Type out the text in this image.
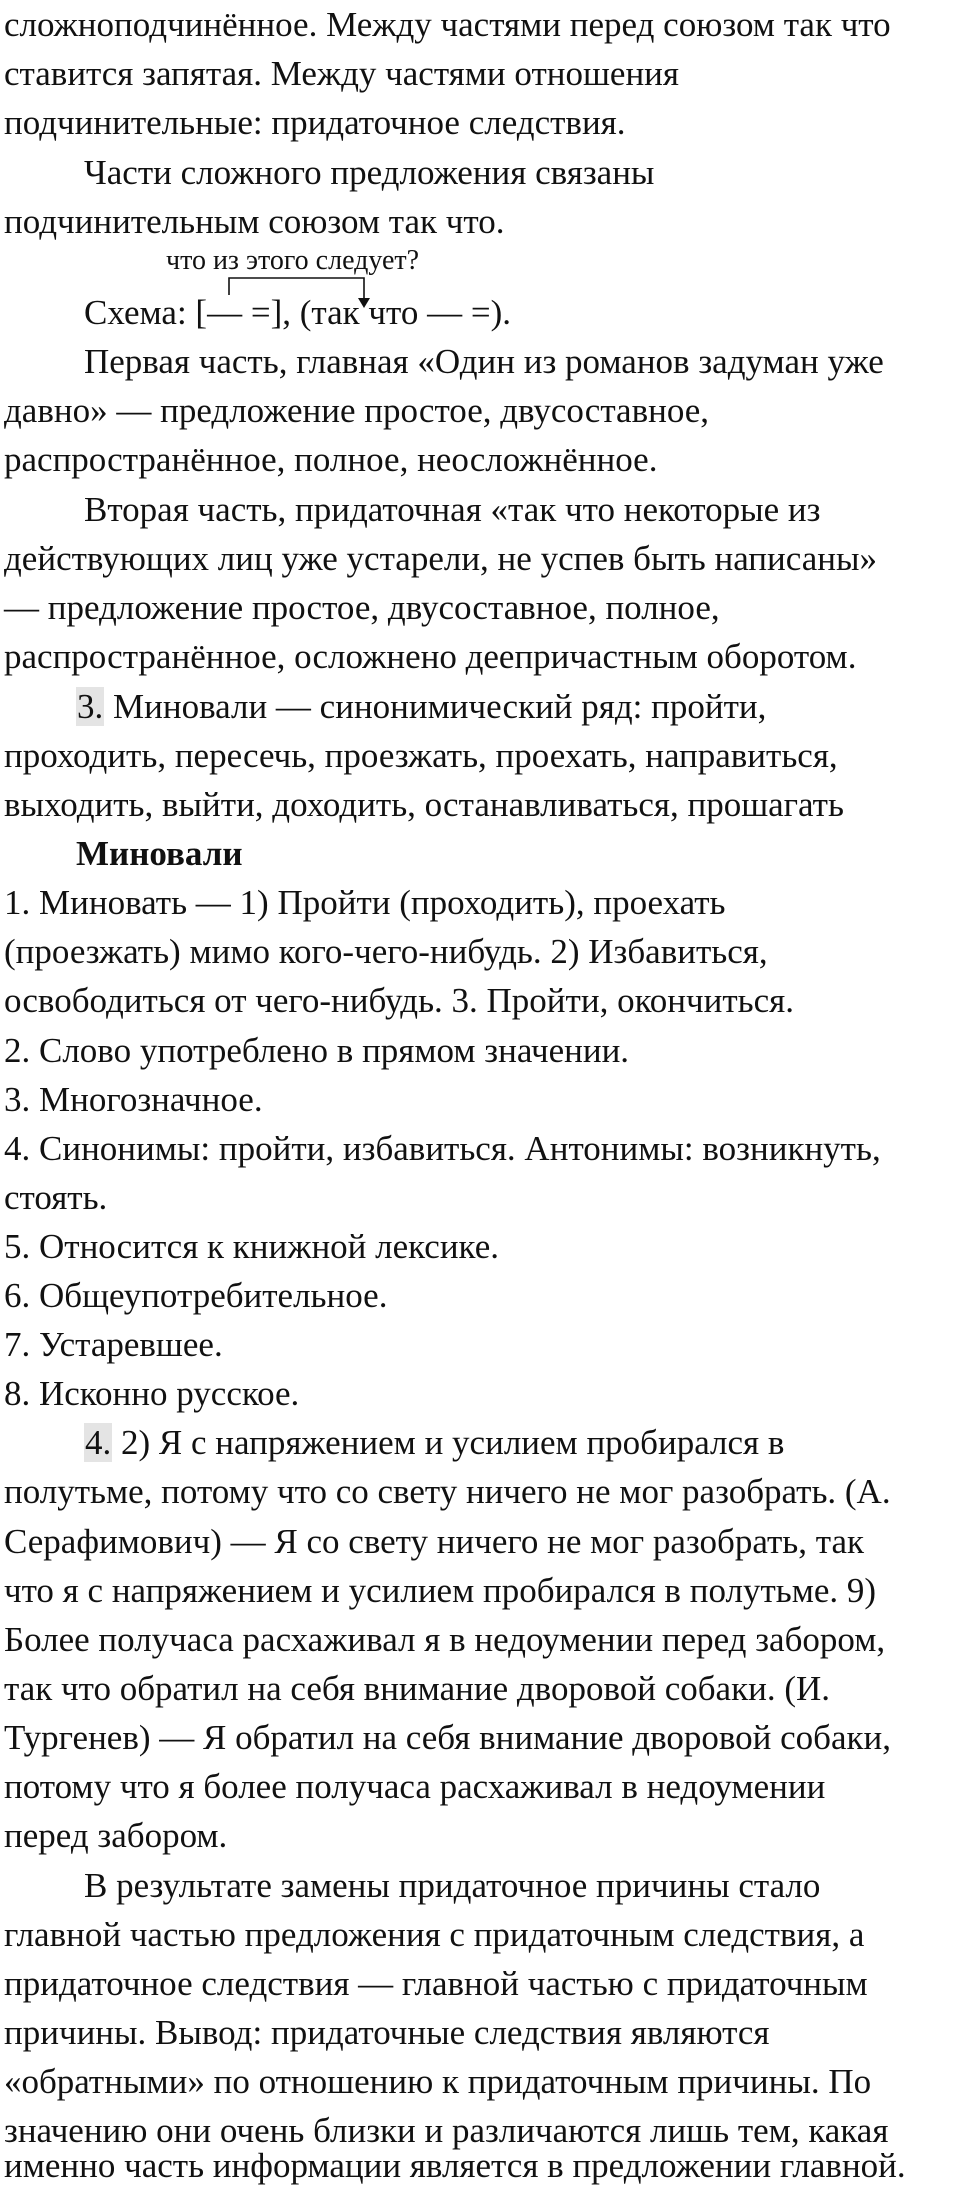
сложноподчинённое. Между частями перед союзом так что
ставится запятая. Между частями отношения
подчинительные: придаточное следствия.
Части сложного предложения связаны
подчинительным союзом так что.
что из этого следует?
Схема: [— =], (так что — =).
Первая часть, главная «Один из романов задуман уже
давно» — предложение простое, двусоставное,
распространённое, полное, неосложнённое.
Вторая часть, придаточная «так что некоторые из
действующих лиц уже устарели, не успев быть написаны»
— предложение простое, двусоставное, полное,
распространённое, осложнено деепричастным оборотом.
3. Миновали — синонимический ряд: пройти,
проходить, пересечь, проезжать, проехать, направиться,
выходить, выйти, доходить, останавливаться, прошагать
Миновали
1. Миновать — 1) Пройти (проходить), проехать
(проезжать) мимо кого-чего-нибудь. 2) Избавиться,
освободиться от чего-нибудь. 3. Пройти, окончиться.
2. Слово употреблено в прямом значении.
3. Многозначное.
4. Синонимы: пройти, избавиться. Антонимы: возникнуть,
стоять.
5. Относится к книжной лексике.
6. Общеупотребительное.
7. Устаревшее.
8. Исконно русское.
4. 2) Я с напряжением и усилием пробирался в
полутьме, потому что со свету ничего не мог разобрать. (А.
Серафимович) — Я со свету ничего не мог разобрать, так
что я с напряжением и усилием пробирался в полутьме. 9)
Более получаса расхаживал я в недоумении перед забором,
так что обратил на себя внимание дворовой собаки. (И.
Тургенев) — Я обратил на себя внимание дворовой собаки,
потому что я более получаса расхаживал в недоумении
перед забором.
В результате замены придаточное причины стало
главной частью предложения с придаточным следствия, а
придаточное следствия — главной частью с придаточным
причины. Вывод: придаточные следствия являются
«обратными» по отношению к придаточным причины. По
значению они очень близки и различаются лишь тем, какая
именно часть информации является в предложении главной.
